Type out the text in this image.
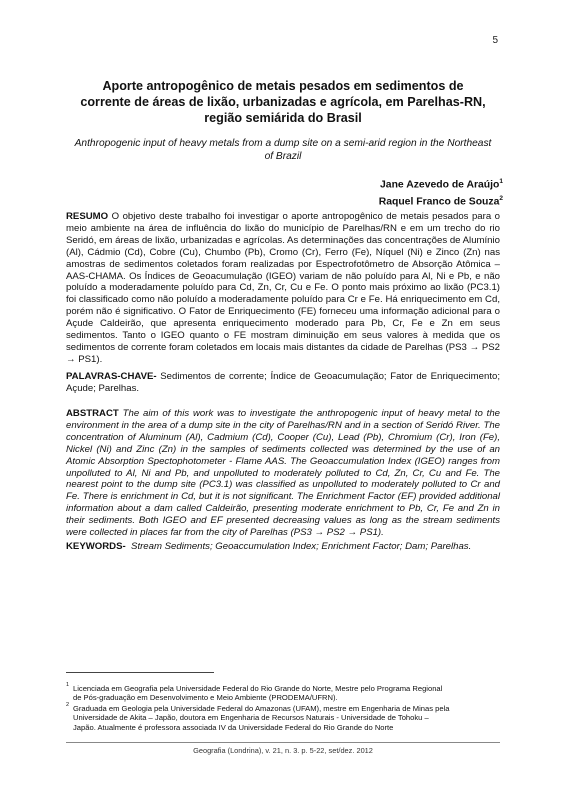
5
Aporte antropogênico de metais pesados em sedimentos de
corrente de áreas de lixão, urbanizadas e agrícola, em Parelhas-RN,
região semiárida do Brasil
Anthropogenic input of heavy metals from a dump site on a semi-arid region in the Northeast
of Brazil
Jane Azevedo de Araújo$^1$
Raquel Franco de Souza$^2$
RESUMO O objetivo deste trabalho foi investigar o aporte antropogênico de metais pesados para o
meio ambiente na área de influência do lixão do município de Parelhas/RN e em um trecho do rio
Seridó, em áreas de lixão, urbanizadas e agrícolas. As determinações das concentrações de Alumínio
(Al), Cádmio (Cd), Cobre (Cu), Chumbo (Pb), Cromo (Cr), Ferro (Fe), Níquel (Ni) e Zinco (Zn) nas
amostras de sedimentos coletados foram realizadas por Espectrofotômetro de Absorção Atômica –
AAS-CHAMA. Os Índices de Geoacumulação (IGEO) variam de não poluído para Al, Ni e Pb, e não
poluído a moderadamente poluído para Cd, Zn, Cr, Cu e Fe. O ponto mais próximo ao lixão (PC3.1)
foi classificado como não poluído a moderadamente poluído para Cr e Fe. Há enriquecimento em Cd,
porém não é significativo. O Fator de Enriquecimento (FE) forneceu uma informação adicional para o
Açude Caldeirão, que apresenta enriquecimento moderado para Pb, Cr, Fe e Zn em seus
sedimentos. Tanto o IGEO quanto o FE mostram diminuição em seus valores à medida que os
sedimentos de corrente foram coletados em locais mais distantes da cidade de Parelhas (PS3 → PS2
→ PS1).
PALAVRAS-CHAVE- Sedimentos de corrente; Índice de Geoacumulação; Fator de Enriquecimento;
Açude; Parelhas.
ABSTRACT The aim of this work was to investigate the anthropogenic input of heavy metal to the
environment in the area of a dump site in the city of Parelhas/RN and in a section of Seridó River. The
concentration of Aluminum (Al), Cadmium (Cd), Cooper (Cu), Lead (Pb), Chromium (Cr), Iron (Fe),
Nickel (Ni) and Zinc (Zn) in the samples of sediments collected was determined by the use of an
Atomic Absorption Spectophotometer - Flame AAS. The Geoaccumulation Index (IGEO) ranges from
unpolluted to Al, Ni and Pb, and unpolluted to moderately polluted to Cd, Zn, Cr, Cu and Fe. The
nearest point to the dump site (PC3.1) was classified as unpolluted to moderately polluted to Cr and
Fe. There is enrichment in Cd, but it is not significant. The Enrichment Factor (EF) provided additional
information about a dam called Caldeirão, presenting moderate enrichment to Pb, Cr, Fe and Zn in
their sediments. Both IGEO and EF presented decreasing values as long as the stream sediments
were collected in places far from the city of Parelhas (PS3 → PS2 → PS1).
KEYWORDS- Stream Sediments; Geoaccumulation Index; Enrichment Factor; Dam; Parelhas.
1 Licenciada em Geografia pela Universidade Federal do Rio Grande do Norte, Mestre pelo Programa Regional
de Pós-graduação em Desenvolvimento e Meio Ambiente (PRODEMA/UFRN).
2 Graduada em Geologia pela Universidade Federal do Amazonas (UFAM), mestre em Engenharia de Minas pela
Universidade de Akita – Japão, doutora em Engenharia de Recursos Naturais - Universidade de Tohoku –
Japão. Atualmente é professora associada IV da Universidade Federal do Rio Grande do Norte
Geografia (Londrina), v. 21, n. 3. p. 5-22, set/dez. 2012
